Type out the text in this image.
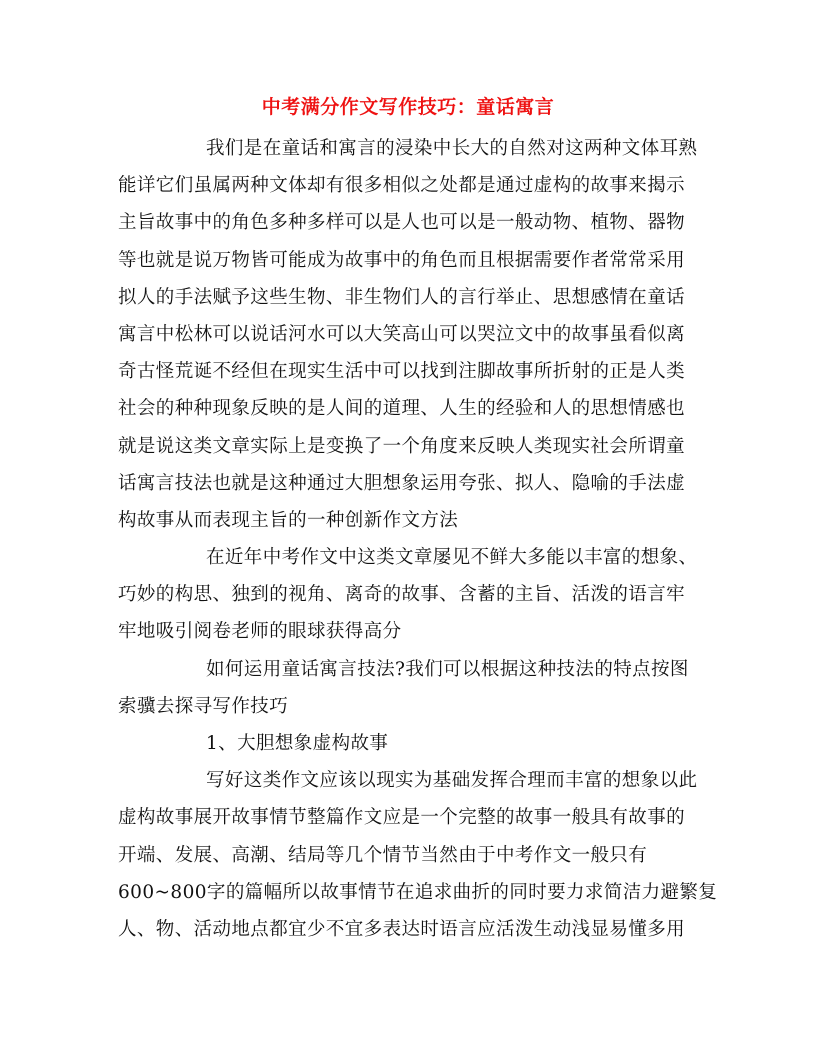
中考满分作文写作技巧：童话寓言
我们是在童话和寓言的浸染中长大的自然对这两种文体耳熟
能详它们虽属两种文体却有很多相似之处都是通过虚构的故事来揭示
主旨故事中的角色多种多样可以是人也可以是一般动物、植物、器物
等也就是说万物皆可能成为故事中的角色而且根据需要作者常常采用
拟人的手法赋予这些生物、非生物们人的言行举止、思想感情在童话
寓言中松林可以说话河水可以大笑高山可以哭泣文中的故事虽看似离
奇古怪荒诞不经但在现实生活中可以找到注脚故事所折射的正是人类
社会的种种现象反映的是人间的道理、人生的经验和人的思想情感也
就是说这类文章实际上是变换了一个角度来反映人类现实社会所谓童
话寓言技法也就是这种通过大胆想象运用夸张、拟人、隐喻的手法虚
构故事从而表现主旨的一种创新作文方法
在近年中考作文中这类文章屡见不鲜大多能以丰富的想象、
巧妙的构思、独到的视角、离奇的故事、含蓄的主旨、活泼的语言牢
牢地吸引阅卷老师的眼球获得高分
如何运用童话寓言技法?我们可以根据这种技法的特点按图
索骥去探寻写作技巧
1、大胆想象虚构故事
写好这类作文应该以现实为基础发挥合理而丰富的想象以此
虚构故事展开故事情节整篇作文应是一个完整的故事一般具有故事的
开端、发展、高潮、结局等几个情节当然由于中考作文一般只有
600~800字的篇幅所以故事情节在追求曲折的同时要力求简洁力避繁复
人、物、活动地点都宜少不宜多表达时语言应活泼生动浅显易懂多用
